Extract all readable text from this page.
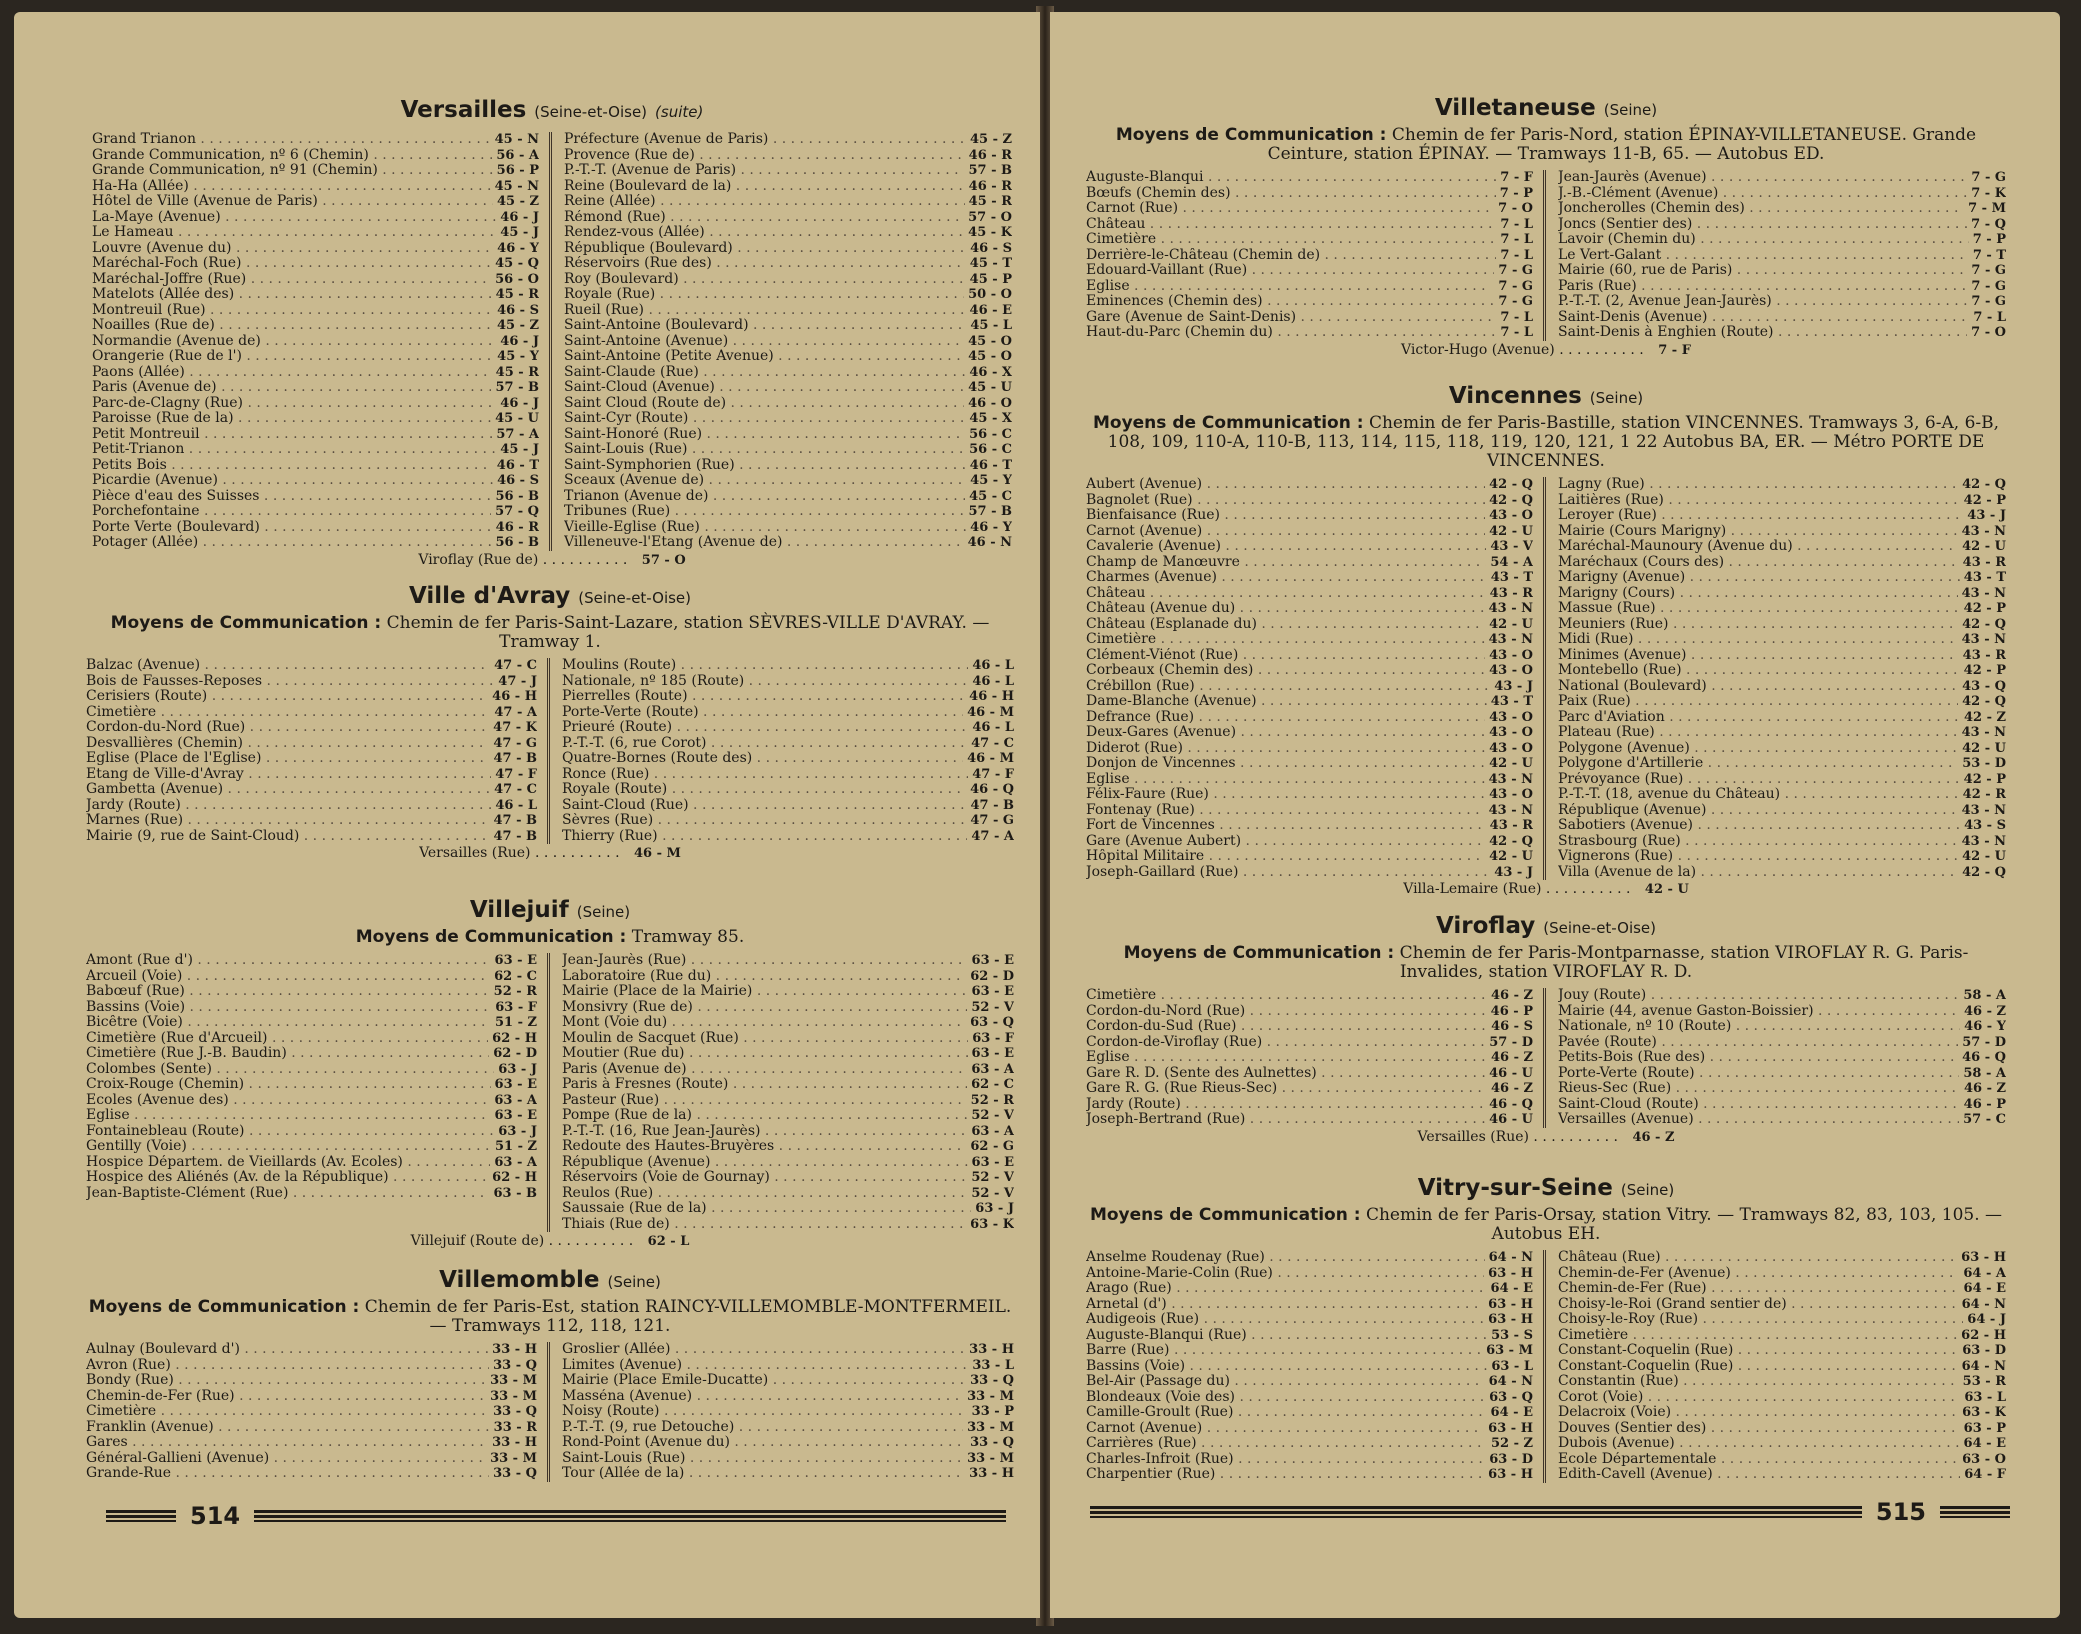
Versailles (Seine-et-Oise) (suite)
Grand Trianon . . .	45 - N
Grande Communication, nº 6 (Chemin) . . .	56 - A
Grande Communication, nº 91 (Chemin) . . .	56 - P
Ha-Ha (Allée) . . .	45 - N
Hôtel de Ville (Avenue de Paris) . . .	45 - Z
La-Maye (Avenue) . . .	46 - J
Le Hameau . . .	45 - J
Louvre (Avenue du) . . .	46 - Y
Maréchal-Foch (Rue) . . .	45 - Q
Maréchal-Joffre (Rue) . . .	56 - O
Matelots (Allée des) . . .	45 - R
Montreuil (Rue) . . .	46 - S
Noailles (Rue de) . . .	45 - Z
Normandie (Avenue de) . . .	46 - J
Orangerie (Rue de l') . . .	45 - Y
Paons (Allée) . . .	45 - R
Paris (Avenue de) . . .	57 - B
Parc-de-Clagny (Rue) . . .	46 - J
Paroisse (Rue de la) . . .	45 - U
Petit Montreuil . . .	57 - A
Petit-Trianon . . .	45 - J
Petits Bois . . .	46 - T
Picardie (Avenue) . . .	46 - S
Pièce d'eau des Suisses . . .	56 - B
Porchefontaine . . .	57 - Q
Porte Verte (Boulevard) . . .	46 - R
Potager (Allée) . . .	56 - B
Préfecture (Avenue de Paris) . . .	45 - Z
Provence (Rue de) . . .	46 - R
P.-T.-T. (Avenue de Paris) . . .	57 - B
Reine (Boulevard de la) . . .	46 - R
Reine (Allée) . . .	45 - R
Rémond (Rue) . . .	57 - O
Rendez-vous (Allée) . . .	45 - K
République (Boulevard) . . .	46 - S
Réservoirs (Rue des) . . .	45 - T
Roy (Boulevard) . . .	45 - P
Royale (Rue) . . .	50 - O
Rueil (Rue) . . .	46 - E
Saint-Antoine (Boulevard) . . .	45 - L
Saint-Antoine (Avenue) . . .	45 - O
Saint-Antoine (Petite Avenue) . . .	45 - O
Saint-Claude (Rue) . . .	46 - X
Saint-Cloud (Avenue) . . .	45 - U
Saint Cloud (Route de) . . .	46 - O
Saint-Cyr (Route) . . .	45 - X
Saint-Honoré (Rue) . . .	56 - C
Saint-Louis (Rue) . . .	56 - C
Saint-Symphorien (Rue) . . .	46 - T
Sceaux (Avenue de) . . .	45 - Y
Trianon (Avenue de) . . .	45 - C
Tribunes (Rue) . . .	57 - B
Vieille-Eglise (Rue) . . .	46 - Y
Villeneuve-l'Etang (Avenue de) . . .	46 - N
Viroflay (Rue de) . . . . . . . . . . 57 - O
Ville d'Avray (Seine-et-Oise)
Moyens de Communication : Chemin de fer Paris-Saint-Lazare, station SÈVRES-VILLE D'AVRAY. — Tramway 1.
Balzac (Avenue) . . .	47 - C
Bois de Fausses-Reposes . . .	47 - J
Cerisiers (Route) . . .	46 - H
Cimetière . . .	47 - A
Cordon-du-Nord (Rue) . . .	47 - K
Desvallières (Chemin) . . .	47 - G
Eglise (Place de l'Eglise) . . .	47 - B
Etang de Ville-d'Avray . . .	47 - F
Gambetta (Avenue) . . .	47 - C
Jardy (Route) . . .	46 - L
Marnes (Rue) . . .	47 - B
Mairie (9, rue de Saint-Cloud) . . .	47 - B
Moulins (Route) . . .	46 - L
Nationale, nº 185 (Route) . . .	46 - L
Pierrelles (Route) . . .	46 - H
Porte-Verte (Route) . . .	46 - M
Prieuré (Route) . . .	46 - L
P.-T.-T. (6, rue Corot) . . .	47 - C
Quatre-Bornes (Route des) . . .	46 - M
Ronce (Rue) . . .	47 - F
Royale (Route) . . .	46 - Q
Saint-Cloud (Rue) . . .	47 - B
Sèvres (Rue) . . .	47 - G
Thierry (Rue) . . .	47 - A
Versailles (Rue) . . . . . . . . . . 46 - M
Villejuif (Seine)
Moyens de Communication : Tramway 85.
Amont (Rue d') . . .	63 - E
Arcueil (Voie) . . .	62 - C
Babœuf (Rue) . . .	52 - R
Bassins (Voie) . . .	63 - F
Bicêtre (Voie) . . .	51 - Z
Cimetière (Rue d'Arcueil) . . .	62 - H
Cimetière (Rue J.-B. Baudin) . . .	62 - D
Colombes (Sente) . . .	63 - J
Croix-Rouge (Chemin) . . .	63 - E
Ecoles (Avenue des) . . .	63 - A
Eglise . . .	63 - E
Fontainebleau (Route) . . .	63 - J
Gentilly (Voie) . . .	51 - Z
Hospice Départem. de Vieillards (Av. Ecoles) . . .	63 - A
Hospice des Aliénés (Av. de la République) . . .	62 - H
Jean-Baptiste-Clément (Rue) . . .	63 - B
Jean-Jaurès (Rue) . . .	63 - E
Laboratoire (Rue du) . . .	62 - D
Mairie (Place de la Mairie) . . .	63 - E
Monsivry (Rue de) . . .	52 - V
Mont (Voie du) . . .	63 - Q
Moulin de Sacquet (Rue) . . .	63 - F
Moutier (Rue du) . . .	63 - E
Paris (Avenue de) . . .	63 - A
Paris à Fresnes (Route) . . .	62 - C
Pasteur (Rue) . . .	52 - R
Pompe (Rue de la) . . .	52 - V
P.-T.-T. (16, Rue Jean-Jaurès) . . .	63 - A
Redoute des Hautes-Bruyères . . .	62 - G
République (Avenue) . . .	63 - E
Réservoirs (Voie de Gournay) . . .	52 - V
Reulos (Rue) . . .	52 - V
Saussaie (Rue de la) . . .	63 - J
Thiais (Rue de) . . .	63 - K
Villejuif (Route de) . . . . . . . . . . 62 - L
Villemomble (Seine)
Moyens de Communication : Chemin de fer Paris-Est, station RAINCY-VILLEMOMBLE-MONTFERMEIL. — Tramways 112, 118, 121.
Aulnay (Boulevard d') . . .	33 - H
Avron (Rue) . . .	33 - Q
Bondy (Rue) . . .	33 - M
Chemin-de-Fer (Rue) . . .	33 - M
Cimetière . . .	33 - Q
Franklin (Avenue) . . .	33 - R
Gares . . .	33 - H
Général-Gallieni (Avenue) . . .	33 - M
Grande-Rue . . .	33 - Q
Groslier (Allée) . . .	33 - H
Limites (Avenue) . . .	33 - L
Mairie (Place Emile-Ducatte) . . .	33 - Q
Masséna (Avenue) . . .	33 - M
Noisy (Route) . . .	33 - P
P.-T.-T. (9, rue Detouche) . . .	33 - M
Rond-Point (Avenue du) . . .	33 - Q
Saint-Louis (Rue) . . .	33 - M
Tour (Allée de la) . . .	33 - H
514
Villetaneuse (Seine)
Moyens de Communication : Chemin de fer Paris-Nord, station ÉPINAY-VILLETANEUSE. Grande Ceinture, station ÉPINAY. — Tramways 11-B, 65. — Autobus ED.
Auguste-Blanqui . . .	7 - F
Bœufs (Chemin des) . . .	7 - P
Carnot (Rue) . . .	7 - O
Château . . .	7 - L
Cimetière . . .	7 - L
Derrière-le-Château (Chemin de) . . .	7 - L
Edouard-Vaillant (Rue) . . .	7 - G
Eglise . . .	7 - G
Eminences (Chemin des) . . .	7 - G
Gare (Avenue de Saint-Denis) . . .	7 - L
Haut-du-Parc (Chemin du) . . .	7 - L
Jean-Jaurès (Avenue) . . .	7 - G
J.-B.-Clément (Avenue) . . .	7 - K
Joncherolles (Chemin des) . . .	7 - M
Joncs (Sentier des) . . .	7 - Q
Lavoir (Chemin du) . . .	7 - P
Le Vert-Galant . . .	7 - T
Mairie (60, rue de Paris) . . .	7 - G
Paris (Rue) . . .	7 - G
P.-T.-T. (2, Avenue Jean-Jaurès) . . .	7 - G
Saint-Denis (Avenue) . . .	7 - L
Saint-Denis à Enghien (Route) . . .	7 - O
Victor-Hugo (Avenue) . . . . . . . . . . 7 - F
Vincennes (Seine)
Moyens de Communication : Chemin de fer Paris-Bastille, station VINCENNES. Tramways 3, 6-A, 6-B, 108, 109, 110-A, 110-B, 113, 114, 115, 118, 119, 120, 121, 1 22 Autobus BA, ER. — Métro PORTE DE VINCENNES.
Aubert (Avenue) . . .	42 - Q
Bagnolet (Rue) . . .	42 - Q
Bienfaisance (Rue) . . .	43 - O
Carnot (Avenue) . . .	42 - U
Cavalerie (Avenue) . . .	43 - V
Champ de Manœuvre . . .	54 - A
Charmes (Avenue) . . .	43 - T
Château . . .	43 - R
Château (Avenue du) . . .	43 - N
Château (Esplanade du) . . .	42 - U
Cimetière . . .	43 - N
Clément-Viénot (Rue) . . .	43 - O
Corbeaux (Chemin des) . . .	43 - O
Crébillon (Rue) . . .	43 - J
Dame-Blanche (Avenue) . . .	43 - T
Defrance (Rue) . . .	43 - O
Deux-Gares (Avenue) . . .	43 - O
Diderot (Rue) . . .	43 - O
Donjon de Vincennes . . .	42 - U
Eglise . . .	43 - N
Félix-Faure (Rue) . . .	43 - O
Fontenay (Rue) . . .	43 - N
Fort de Vincennes . . .	43 - R
Gare (Avenue Aubert) . . .	42 - Q
Hôpital Militaire . . .	42 - U
Joseph-Gaillard (Rue) . . .	43 - J
Lagny (Rue) . . .	42 - Q
Laitières (Rue) . . .	42 - P
Leroyer (Rue) . . .	43 - J
Mairie (Cours Marigny) . . .	43 - N
Maréchal-Maunoury (Avenue du) . . .	42 - U
Maréchaux (Cours des) . . .	43 - R
Marigny (Avenue) . . .	43 - T
Marigny (Cours) . . .	43 - N
Massue (Rue) . . .	42 - P
Meuniers (Rue) . . .	42 - Q
Midi (Rue) . . .	43 - N
Minimes (Avenue) . . .	43 - R
Montebello (Rue) . . .	42 - P
National (Boulevard) . . .	43 - Q
Paix (Rue) . . .	42 - Q
Parc d'Aviation . . .	42 - Z
Plateau (Rue) . . .	43 - N
Polygone (Avenue) . . .	42 - U
Polygone d'Artillerie . . .	53 - D
Prévoyance (Rue) . . .	42 - P
P.-T.-T. (18, avenue du Château) . . .	42 - R
République (Avenue) . . .	43 - N
Sabotiers (Avenue) . . .	43 - S
Strasbourg (Rue) . . .	43 - N
Vignerons (Rue) . . .	42 - U
Villa (Avenue de la) . . .	42 - Q
Villa-Lemaire (Rue) . . . . . . . . . . 42 - U
Viroflay (Seine-et-Oise)
Moyens de Communication : Chemin de fer Paris-Montparnasse, station VIROFLAY R. G. Paris-Invalides, station VIROFLAY R. D.
Cimetière . . .	46 - Z
Cordon-du-Nord (Rue) . . .	46 - P
Cordon-du-Sud (Rue) . . .	46 - S
Cordon-de-Viroflay (Rue) . . .	57 - D
Eglise . . .	46 - Z
Gare R. D. (Sente des Aulnettes) . . .	46 - U
Gare R. G. (Rue Rieus-Sec) . . .	46 - Z
Jardy (Route) . . .	46 - Q
Joseph-Bertrand (Rue) . . .	46 - U
Jouy (Route) . . .	58 - A
Mairie (44, avenue Gaston-Boissier) . . .	46 - Z
Nationale, nº 10 (Route) . . .	46 - Y
Pavée (Route) . . .	57 - D
Petits-Bois (Rue des) . . .	46 - Q
Porte-Verte (Route) . . .	58 - A
Rieus-Sec (Rue) . . .	46 - Z
Saint-Cloud (Route) . . .	46 - P
Versailles (Avenue) . . .	57 - C
Versailles (Rue) . . . . . . . . . . 46 - Z
Vitry-sur-Seine (Seine)
Moyens de Communication : Chemin de fer Paris-Orsay, station Vitry. — Tramways 82, 83, 103, 105. — Autobus EH.
Anselme Roudenay (Rue) . . .	64 - N
Antoine-Marie-Colin (Rue) . . .	63 - H
Arago (Rue) . . .	64 - E
Arnetal (d') . . .	63 - H
Audigeois (Rue) . . .	63 - H
Auguste-Blanqui (Rue) . . .	53 - S
Barre (Rue) . . .	63 - M
Bassins (Voie) . . .	63 - L
Bel-Air (Passage du) . . .	64 - N
Blondeaux (Voie des) . . .	63 - Q
Camille-Groult (Rue) . . .	64 - E
Carnot (Avenue) . . .	63 - H
Carrières (Rue) . . .	52 - Z
Charles-Infroit (Rue) . . .	63 - D
Charpentier (Rue) . . .	63 - H
Château (Rue) . . .	63 - H
Chemin-de-Fer (Avenue) . . .	64 - A
Chemin-de-Fer (Rue) . . .	64 - E
Choisy-le-Roi (Grand sentier de) . . .	64 - N
Choisy-le-Roy (Rue) . . .	64 - J
Cimetière . . .	62 - H
Constant-Coquelin (Rue) . . .	63 - D
Constant-Coquelin (Rue) . . .	64 - N
Constantin (Rue) . . .	53 - R
Corot (Voie) . . .	63 - L
Delacroix (Voie) . . .	63 - K
Douves (Sentier des) . . .	63 - P
Dubois (Avenue) . . .	64 - E
Ecole Départementale . . .	63 - O
Edith-Cavell (Avenue) . . .	64 - F
515
